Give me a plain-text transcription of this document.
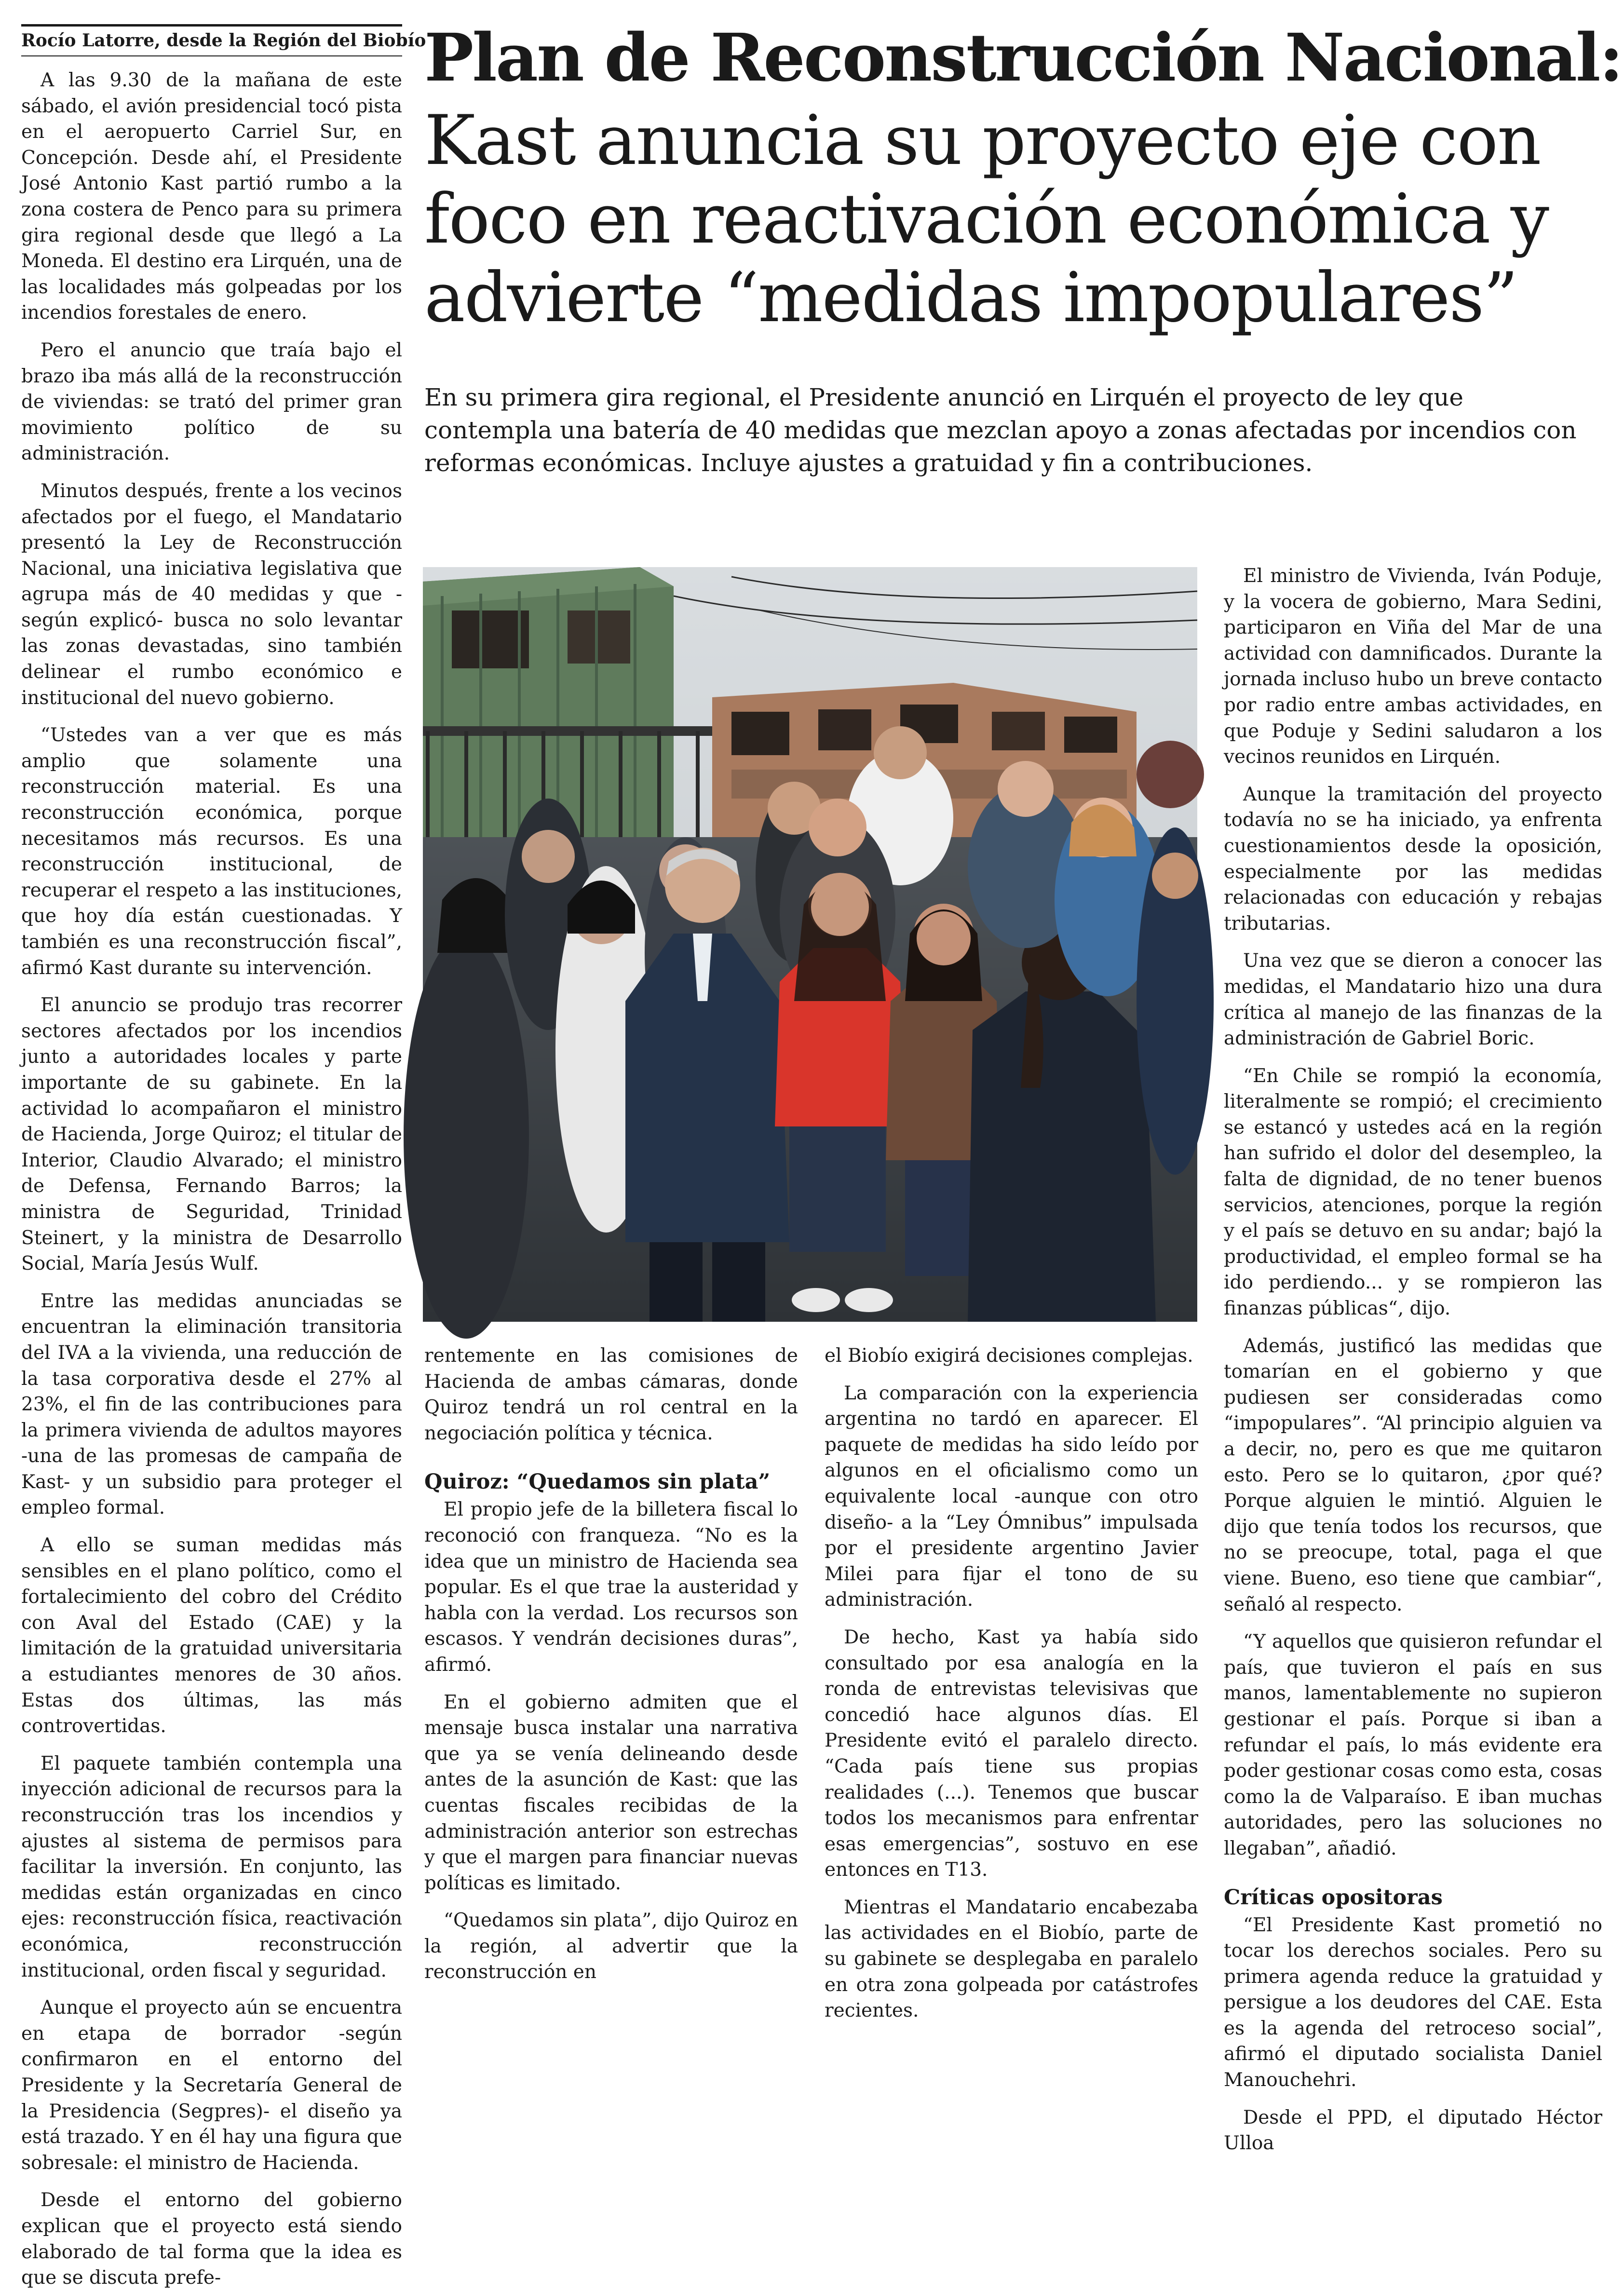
Rocío Latorre, desde la Región del Biobío

A las 9.30 de la mañana de este sábado, el avión presidencial tocó pista en el aeropuerto Carriel Sur, en Concepción. Desde ahí, el Presidente José Antonio Kast partió rumbo a la zona costera de Penco para su primera gira regional desde que llegó a La Moneda. El destino era Lirquén, una de las localidades más golpeadas por los incendios forestales de enero.

Pero el anuncio que traía bajo el brazo iba más allá de la reconstrucción de viviendas: se trató del primer gran movimiento político de su administración.

Minutos después, frente a los vecinos afectados por el fuego, el Mandatario presentó la Ley de Reconstrucción Nacional, una iniciativa legislativa que agrupa más de 40 medidas y que -según explicó- busca no solo levantar las zonas devastadas, sino también delinear el rumbo económico e institucional del nuevo gobierno.

“Ustedes van a ver que es más amplio que solamente una reconstrucción material. Es una reconstrucción económica, porque necesitamos más recursos. Es una reconstrucción institucional, de recuperar el respeto a las instituciones, que hoy día están cuestionadas. Y también es una reconstrucción fiscal”, afirmó Kast durante su intervención.

El anuncio se produjo tras recorrer sectores afectados por los incendios junto a autoridades locales y parte importante de su gabinete. En la actividad lo acompañaron el ministro de Hacienda, Jorge Quiroz; el titular de Interior, Claudio Alvarado; el ministro de Defensa, Fernando Barros; la ministra de Seguridad, Trinidad Steinert, y la ministra de Desarrollo Social, María Jesús Wulf.

Entre las medidas anunciadas se encuentran la eliminación transitoria del IVA a la vivienda, una reducción de la tasa corporativa desde el 27% al 23%, el fin de las contribuciones para la primera vivienda de adultos mayores -una de las promesas de campaña de Kast- y un subsidio para proteger el empleo formal.

A ello se suman medidas más sensibles en el plano político, como el fortalecimiento del cobro del Crédito con Aval del Estado (CAE) y la limitación de la gratuidad universitaria a estudiantes menores de 30 años. Estas dos últimas, las más controvertidas.

El paquete también contempla una inyección adicional de recursos para la reconstrucción tras los incendios y ajustes al sistema de permisos para facilitar la inversión. En conjunto, las medidas están organizadas en cinco ejes: reconstrucción física, reactivación económica, reconstrucción institucional, orden fiscal y seguridad.

Aunque el proyecto aún se encuentra en etapa de borrador -según confirmaron en el entorno del Presidente y la Secretaría General de la Presidencia (Segpres)- el diseño ya está trazado. Y en él hay una figura que sobresale: el ministro de Hacienda.

Desde el entorno del gobierno explican que el proyecto está siendo elaborado de tal forma que la idea es que se discuta prefe-

Plan de Reconstrucción Nacional:
Kast anuncia su proyecto eje con foco en reactivación económica y advierte “medidas impopulares”

En su primera gira regional, el Presidente anunció en Lirquén el proyecto de ley que contempla una batería de 40 medidas que mezclan apoyo a zonas afectadas por incendios con reformas económicas. Incluye ajustes a gratuidad y fin a contribuciones.

rentemente en las comisiones de Hacienda de ambas cámaras, donde Quiroz tendrá un rol central en la negociación política y técnica.

Quiroz: “Quedamos sin plata”

El propio jefe de la billetera fiscal lo reconoció con franqueza. “No es la idea que un ministro de Hacienda sea popular. Es el que trae la austeridad y habla con la verdad. Los recursos son escasos. Y vendrán decisiones duras”, afirmó.

En el gobierno admiten que el mensaje busca instalar una narrativa que ya se venía delineando desde antes de la asunción de Kast: que las cuentas fiscales recibidas de la administración anterior son estrechas y que el margen para financiar nuevas políticas es limitado.

“Quedamos sin plata”, dijo Quiroz en la región, al advertir que la reconstrucción en

el Biobío exigirá decisiones complejas.

La comparación con la experiencia argentina no tardó en aparecer. El paquete de medidas ha sido leído por algunos en el oficialismo como un equivalente local -aunque con otro diseño- a la “Ley Ómnibus” impulsada por el presidente argentino Javier Milei para fijar el tono de su administración.

De hecho, Kast ya había sido consultado por esa analogía en la ronda de entrevistas televisivas que concedió hace algunos días. El Presidente evitó el paralelo directo. “Cada país tiene sus propias realidades (...). Tenemos que buscar todos los mecanismos para enfrentar esas emergencias”, sostuvo en ese entonces en T13.

Mientras el Mandatario encabezaba las actividades en el Biobío, parte de su gabinete se desplegaba en paralelo en otra zona golpeada por catástrofes recientes.

El ministro de Vivienda, Iván Poduje, y la vocera de gobierno, Mara Sedini, participaron en Viña del Mar de una actividad con damnificados. Durante la jornada incluso hubo un breve contacto por radio entre ambas actividades, en que Poduje y Sedini saludaron a los vecinos reunidos en Lirquén.

Aunque la tramitación del proyecto todavía no se ha iniciado, ya enfrenta cuestionamientos desde la oposición, especialmente por las medidas relacionadas con educación y rebajas tributarias.

Una vez que se dieron a conocer las medidas, el Mandatario hizo una dura crítica al manejo de las finanzas de la administración de Gabriel Boric.

“En Chile se rompió la economía, literalmente se rompió; el crecimiento se estancó y ustedes acá en la región han sufrido el dolor del desempleo, la falta de dignidad, de no tener buenos servicios, atenciones, porque la región y el país se detuvo en su andar; bajó la productividad, el empleo formal se ha ido perdiendo... y se rompieron las finanzas públicas“, dijo.

Además, justificó las medidas que tomarían en el gobierno y que pudiesen ser consideradas como “impopulares”. “Al principio alguien va a decir, no, pero es que me quitaron esto. Pero se lo quitaron, ¿por qué? Porque alguien le mintió. Alguien le dijo que tenía todos los recursos, que no se preocupe, total, paga el que viene. Bueno, eso tiene que cambiar“, señaló al respecto.

“Y aquellos que quisieron refundar el país, que tuvieron el país en sus manos, lamentablemente no supieron gestionar el país. Porque si iban a refundar el país, lo más evidente era poder gestionar cosas como esta, cosas como la de Valparaíso. E iban muchas autoridades, pero las soluciones no llegaban”, añadió.

Críticas opositoras

“El Presidente Kast prometió no tocar los derechos sociales. Pero su primera agenda reduce la gratuidad y persigue a los deudores del CAE. Esta es la agenda del retroceso social”, afirmó el diputado socialista Daniel Manouchehri.

Desde el PPD, el diputado Héctor Ulloa
